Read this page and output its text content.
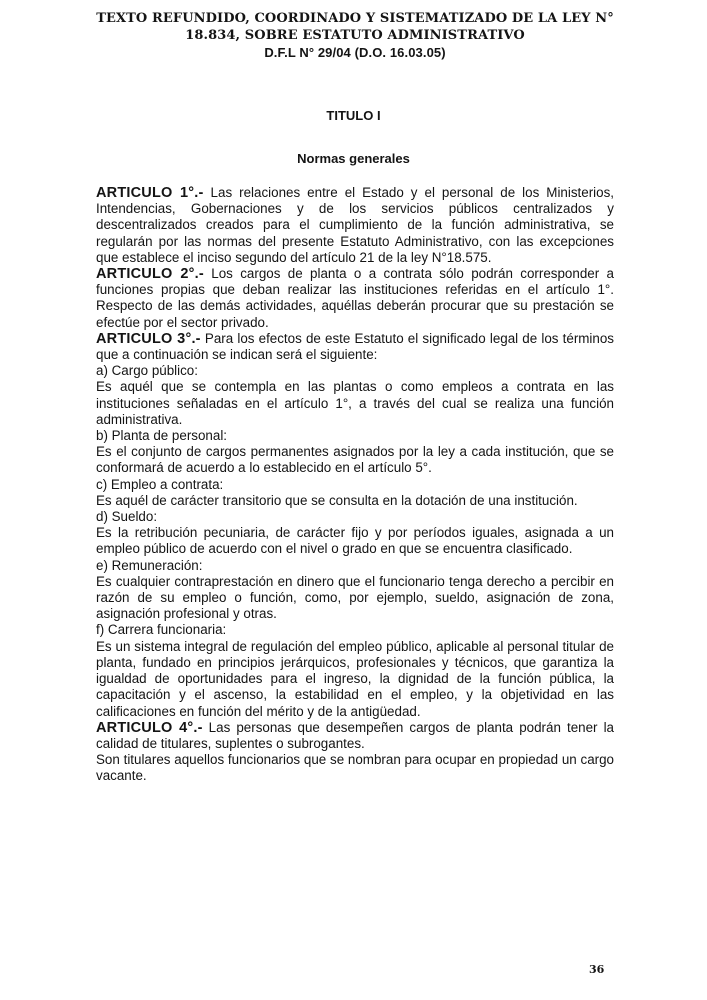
TEXTO REFUNDIDO, COORDINADO Y SISTEMATIZADO DE LA LEY N°
18.834, SOBRE ESTATUTO ADMINISTRATIVO
D.F.L N° 29/04 (D.O. 16.03.05)
TITULO I
Normas generales

ARTICULO 1°.- Las relaciones entre el Estado y el personal de los Ministerios, Intendencias, Gobernaciones y de los servicios públicos centralizados y descentralizados creados para el cumplimiento de la función administrativa, se regularán por las normas del presente Estatuto Administrativo, con las excepciones que establece el inciso segundo del artículo 21 de la ley N°18.575.

ARTICULO 2°.- Los cargos de planta o a contrata sólo podrán corresponder a funciones propias que deban realizar las instituciones referidas en el artículo 1°. Respecto de las demás actividades, aquéllas deberán procurar que su prestación se efectúe por el sector privado.

ARTICULO 3°.- Para los efectos de este Estatuto el significado legal de los términos que a continuación se indican será el siguiente:

a) Cargo público:

Es aquél que se contempla en las plantas o como empleos a contrata en las instituciones señaladas en el artículo 1°, a través del cual se realiza una función administrativa.

b) Planta de personal:

Es el conjunto de cargos permanentes asignados por la ley a cada institución, que se conformará de acuerdo a lo establecido en el artículo 5°.

c) Empleo a contrata:

Es aquél de carácter transitorio que se consulta en la dotación de una institución.

d) Sueldo:

Es la retribución pecuniaria, de carácter fijo y por períodos iguales, asignada a un empleo público de acuerdo con el nivel o grado en que se encuentra clasificado.

e) Remuneración:

Es cualquier contraprestación en dinero que el funcionario tenga derecho a percibir en razón de su empleo o función, como, por ejemplo, sueldo, asignación de zona, asignación profesional y otras.

f) Carrera funcionaria:

Es un sistema integral de regulación del empleo público, aplicable al personal titular de planta, fundado en principios jerárquicos, profesionales y técnicos, que garantiza la igualdad de oportunidades para el ingreso, la dignidad de la función pública, la capacitación y el ascenso, la estabilidad en el empleo, y la objetividad en las calificaciones en función del mérito y de la antigüedad.

ARTICULO 4°.- Las personas que desempeñen cargos de planta podrán tener la calidad de titulares, suplentes o subrogantes.

Son titulares aquellos funcionarios que se nombran para ocupar en propiedad un cargo vacante.

36
